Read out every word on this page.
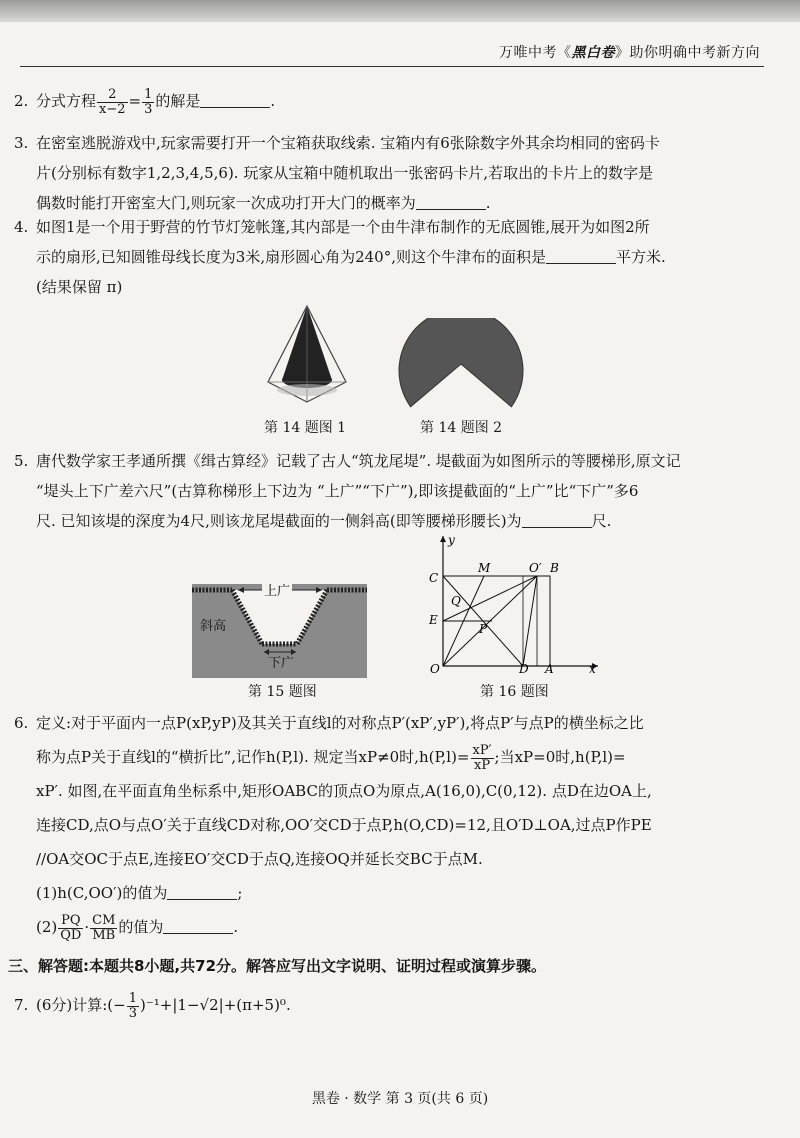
万唯中考《黑白卷》助你明确中考新方向

2. 分式方程 $\frac{2}{x-2} = \frac{1}{3}$ 的解是	.

3. 在密室逃脱游戏中,玩家需要打开一个宝箱获取线索. 宝箱内有6张除数字外其余均相同的密码卡

片(分别标有数字1,2,3,4,5,6). 玩家从宝箱中随机取出一张密码卡片,若取出的卡片上的数字是

偶数时能打开密室大门,则玩家一次成功打开大门的概率为	.

4. 如图1是一个用于野营的竹节灯笼帐篷,其内部是一个由牛津布制作的无底圆锥,展开为如图2所

示的扇形,已知圆锥母线长度为3米,扇形圆心角为240°,则这个牛津布的面积是	平方米.

(结果保留 π)

第 14 题图 1	第 14 题图 2

5. 唐代数学家王孝通所撰《缉古算经》记载了古人“筑龙尾堤”. 堤截面为如图所示的等腰梯形,原文记

“堤头上下广差六尺”(古算称梯形上下边为 “上广”“下广”),即该提截面的“上广”比“下广”多6

尺. 已知该堤的深度为4尺,则该龙尾堤截面的一侧斜高(即等腰梯形腰长)为	尺.

上广
斜高
下广
第 15 题图
y
C
M	O′ B
Q
E
P
O	D A	x
第 16 题图

6. 定义:对于平面内一点P(xP,yP)及其关于直线l的对称点P′(xP′,yP′),将点P′与点P的横坐标之比

称为点P关于直线l的“横折比”,记作h(P,l). 规定当xP≠0时$,h(P,l)= \frac{xP'}{xP}$ ;当xP=0时,h(P,l)=

xP′. 如图,在平面直角坐标系中,矩形OABC的顶点O为原点,A(16,0),C(0,12). 点D在边OA上,

连接CD,点O与点O′关于直线CD对称,OO′交CD于点P,h(O,CD)=12,且O′D⊥OA,过点P作PE

//OA交OC于点E,连接EO′交CD于点Q,连接OQ并延长交BC于点M.

(1)h(C,OO′)的值为	;

$(2) \frac{PQ}{QD} \cdot \frac{CM}{MB}$ 的值为	.

三、解答题:本题共8小题,共72分。解答应写出文字说明、证明过程或演算步骤。

7. (6分)计算:(− $\frac{1}{3} )^{-1}+|1-√2|+(\pi+5)^0$.

黑卷 · 数学 第 3 页(共 6 页)
